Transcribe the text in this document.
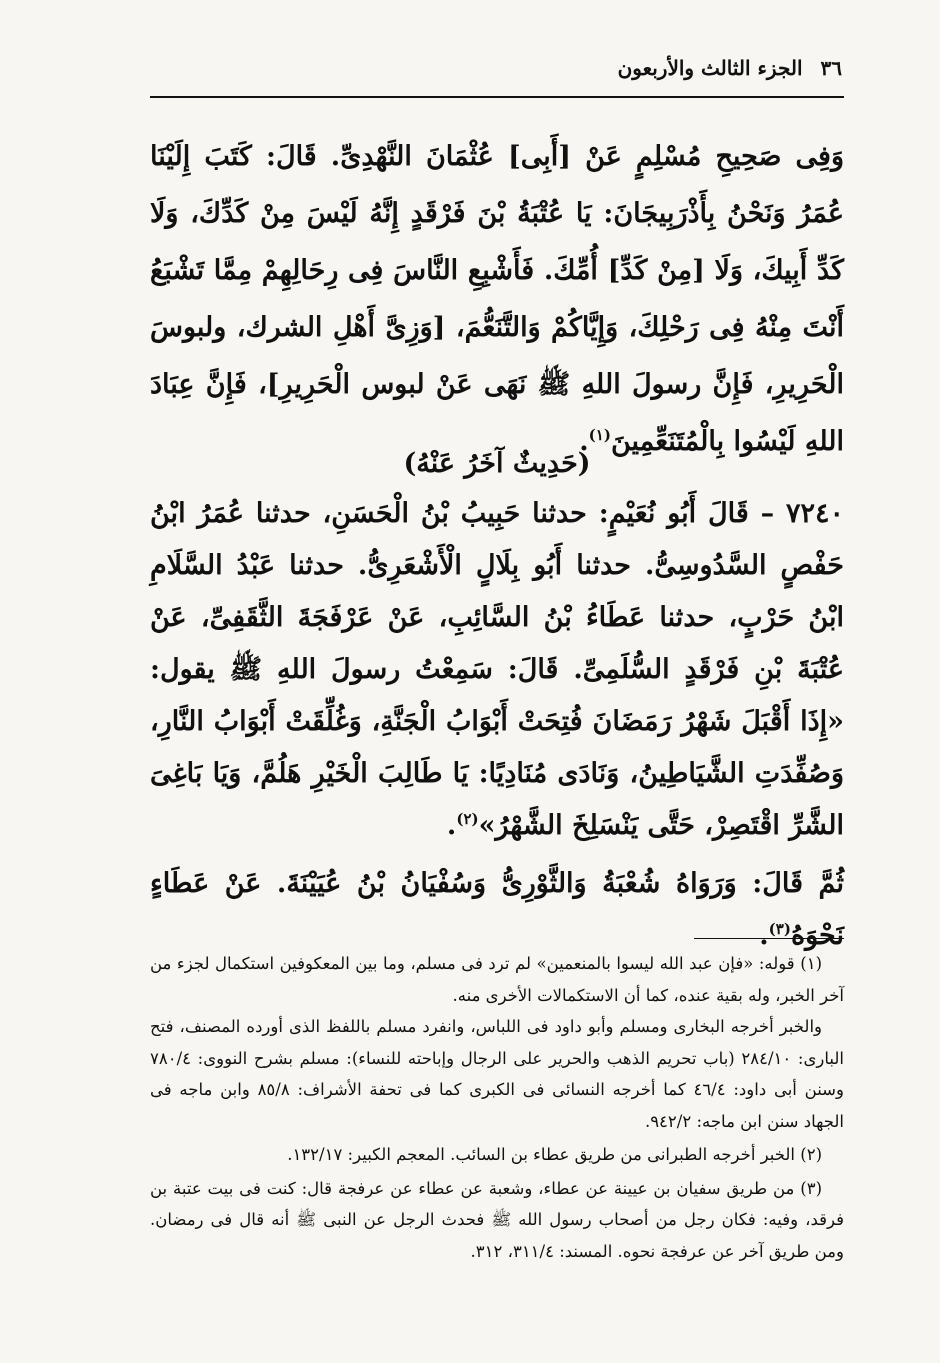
٣٦
الجزء الثالث والأربعون

وَفِى صَحِيحِ مُسْلِمٍ عَنْ [أَبِى] عُثْمَانَ النَّهْدِىِّ. قَالَ: كَتَبَ إِلَيْنَا عُمَرُ وَنَحْنُ بِأَذْرَبِيجَانَ: يَا عُتْبَةُ بْنَ فَرْقَدٍ إِنَّهُ لَيْسَ مِنْ كَدِّكَ، وَلَا كَدِّ أَبِيكَ، وَلَا [مِنْ كَدِّ] أُمِّكَ. فَأَشْبِعِ النَّاسَ فِى رِحَالِهِمْ مِمَّا تَشْبَعُ أَنْتَ مِنْهُ فِى رَحْلِكَ، وَإِيَّاكُمْ وَالتَّنَعُّمَ، [وَزِىَّ أَهْلِ الشرك، ولبوسَ الْحَرِيرِ، فَإِنَّ رسولَ اللهِ ﷺ نَهَى عَنْ لبوس الْحَرِيرِ]، فَإِنَّ عِبَادَ اللهِ لَيْسُوا بِالْمُتَنَعِّمِينَ$^{(١)}$.

(حَدِيثٌ آخَرُ عَنْهُ)

٧٢٤٠ – قَالَ أَبُو نُعَيْمٍ: حدثنا حَبِيبُ بْنُ الْحَسَنِ، حدثنا عُمَرُ ابْنُ حَفْصٍ السَّدُوسِىُّ. حدثنا أَبُو بِلَالٍ الْأَشْعَرِىُّ. حدثنا عَبْدُ السَّلَامِ ابْنُ حَرْبٍ، حدثنا عَطَاءُ بْنُ السَّائِبِ، عَنْ عَرْفَجَةَ الثَّقَفِىِّ، عَنْ عُتْبَةَ بْنِ فَرْقَدٍ السُّلَمِىِّ. قَالَ: سَمِعْتُ رسولَ اللهِ ﷺ يقول: «إِذَا أَقْبَلَ شَهْرُ رَمَضَانَ فُتِحَتْ أَبْوَابُ الْجَنَّةِ، وَغُلِّقَتْ أَبْوَابُ النَّارِ، وَصُفِّدَتِ الشَّيَاطِينُ، وَنَادَى مُنَادِيًا: يَا طَالِبَ الْخَيْرِ هَلُمَّ، وَيَا بَاغِىَ الشَّرِّ اقْتَصِرْ، حَتَّى يَنْسَلِخَ الشَّهْرُ»$^{(٢)}$.

ثُمَّ قَالَ: وَرَوَاهُ شُعْبَةُ وَالثَّوْرِىُّ وَسُفْيَانُ بْنُ عُيَيْنَةَ. عَنْ عَطَاءٍ نَحْوَهُ$^{(٣)}$.

(١) قوله: «فإن عبد الله ليسوا بالمنعمين» لم ترد فى مسلم، وما بين المعكوفين استكمال لجزء من آخر الخبر، وله بقية عنده، كما أن الاستكمالات الأخرى منه.

والخبر أخرجه البخارى ومسلم وأبو داود فى اللباس، وانفرد مسلم باللفظ الذى أورده المصنف، فتح البارى: ٢٨٤/١٠ (باب تحريم الذهب والحرير على الرجال وإباحته للنساء): مسلم بشرح النووى: ٧٨٠/٤ وسنن أبى داود: ٤٦/٤ كما أخرجه النسائى فى الكبرى كما فى تحفة الأشراف: ٨٥/٨ وابن ماجه فى الجهاد سنن ابن ماجه: ٩٤٢/٢.

(٢) الخبر أخرجه الطبرانى من طريق عطاء بن السائب. المعجم الكبير: ١٣٢/١٧.

(٣) من طريق سفيان بن عيينة عن عطاء، وشعبة عن عطاء عن عرفجة قال: كنت فى بيت عتبة بن فرقد، وفيه: فكان رجل من أصحاب رسول الله ﷺ فحدث الرجل عن النبى ﷺ أنه قال فى رمضان. ومن طريق آخر عن عرفجة نحوه. المسند: ٣١١/٤، ٣١٢.
